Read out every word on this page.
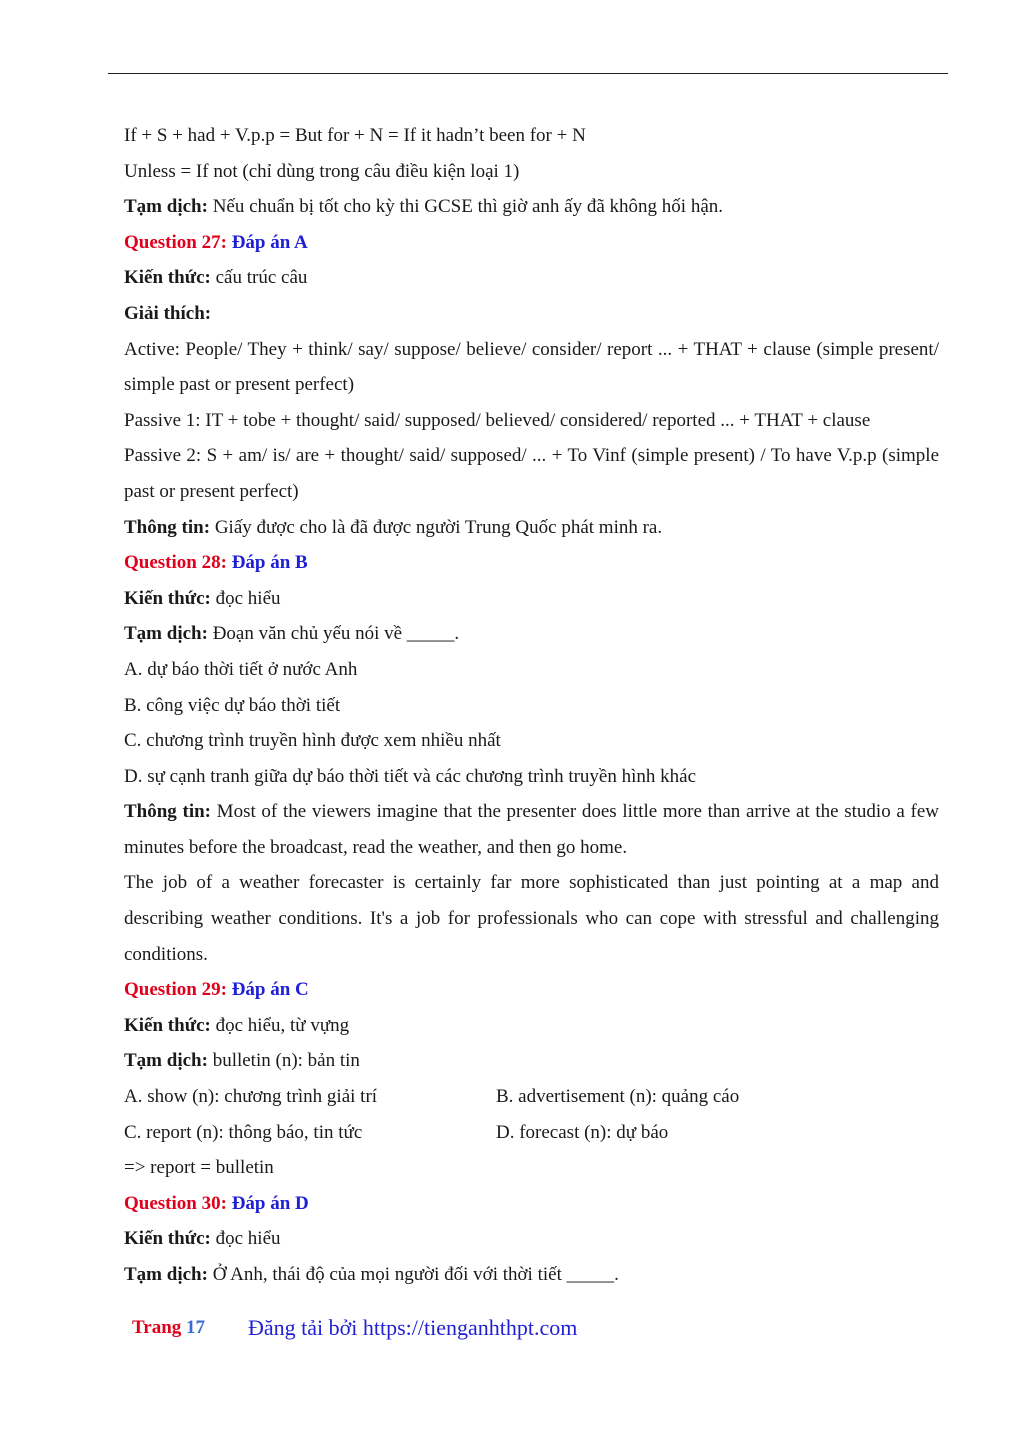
If + S + had + V.p.p = But for + N = If it hadn’t been for + N
Unless = If not (chỉ dùng trong câu điều kiện loại 1)
Tạm dịch: Nếu chuẩn bị tốt cho kỳ thi GCSE thì giờ anh ấy đã không hối hận.
Question 27: Đáp án A
Kiến thức: cấu trúc câu
Giải thích:
Active: People/ They + think/ say/ suppose/ believe/ consider/ report ... + THAT + clause (simple present/ simple past or present perfect)
Passive 1: IT + tobe + thought/ said/ supposed/ believed/ considered/ reported ... + THAT + clause
Passive 2: S + am/ is/ are + thought/ said/ supposed/ ... + To Vinf (simple present) / To have V.p.p (simple past or present perfect)
Thông tin: Giấy được cho là đã được người Trung Quốc phát minh ra.
Question 28: Đáp án B
Kiến thức: đọc hiểu
Tạm dịch: Đoạn văn chủ yếu nói về _____.
A. dự báo thời tiết ở nước Anh
B. công việc dự báo thời tiết
C. chương trình truyền hình được xem nhiều nhất
D. sự cạnh tranh giữa dự báo thời tiết và các chương trình truyền hình khác
Thông tin: Most of the viewers imagine that the presenter does little more than arrive at the studio a few minutes before the broadcast, read the weather, and then go home.
The job of a weather forecaster is certainly far more sophisticated than just pointing at a map and describing weather conditions. It's a job for professionals who can cope with stressful and challenging conditions.
Question 29: Đáp án C
Kiến thức: đọc hiểu, từ vựng
Tạm dịch: bulletin (n): bản tin
A. show (n): chương trình giải trí	B. advertisement (n): quảng cáo
C. report (n): thông báo, tin tức	D. forecast (n): dự báo
=> report = bulletin
Question 30: Đáp án D
Kiến thức: đọc hiểu
Tạm dịch: Ở Anh, thái độ của mọi người đối với thời tiết _____.
Trang 17 Đăng tải bởi https://tienganhthpt.com
